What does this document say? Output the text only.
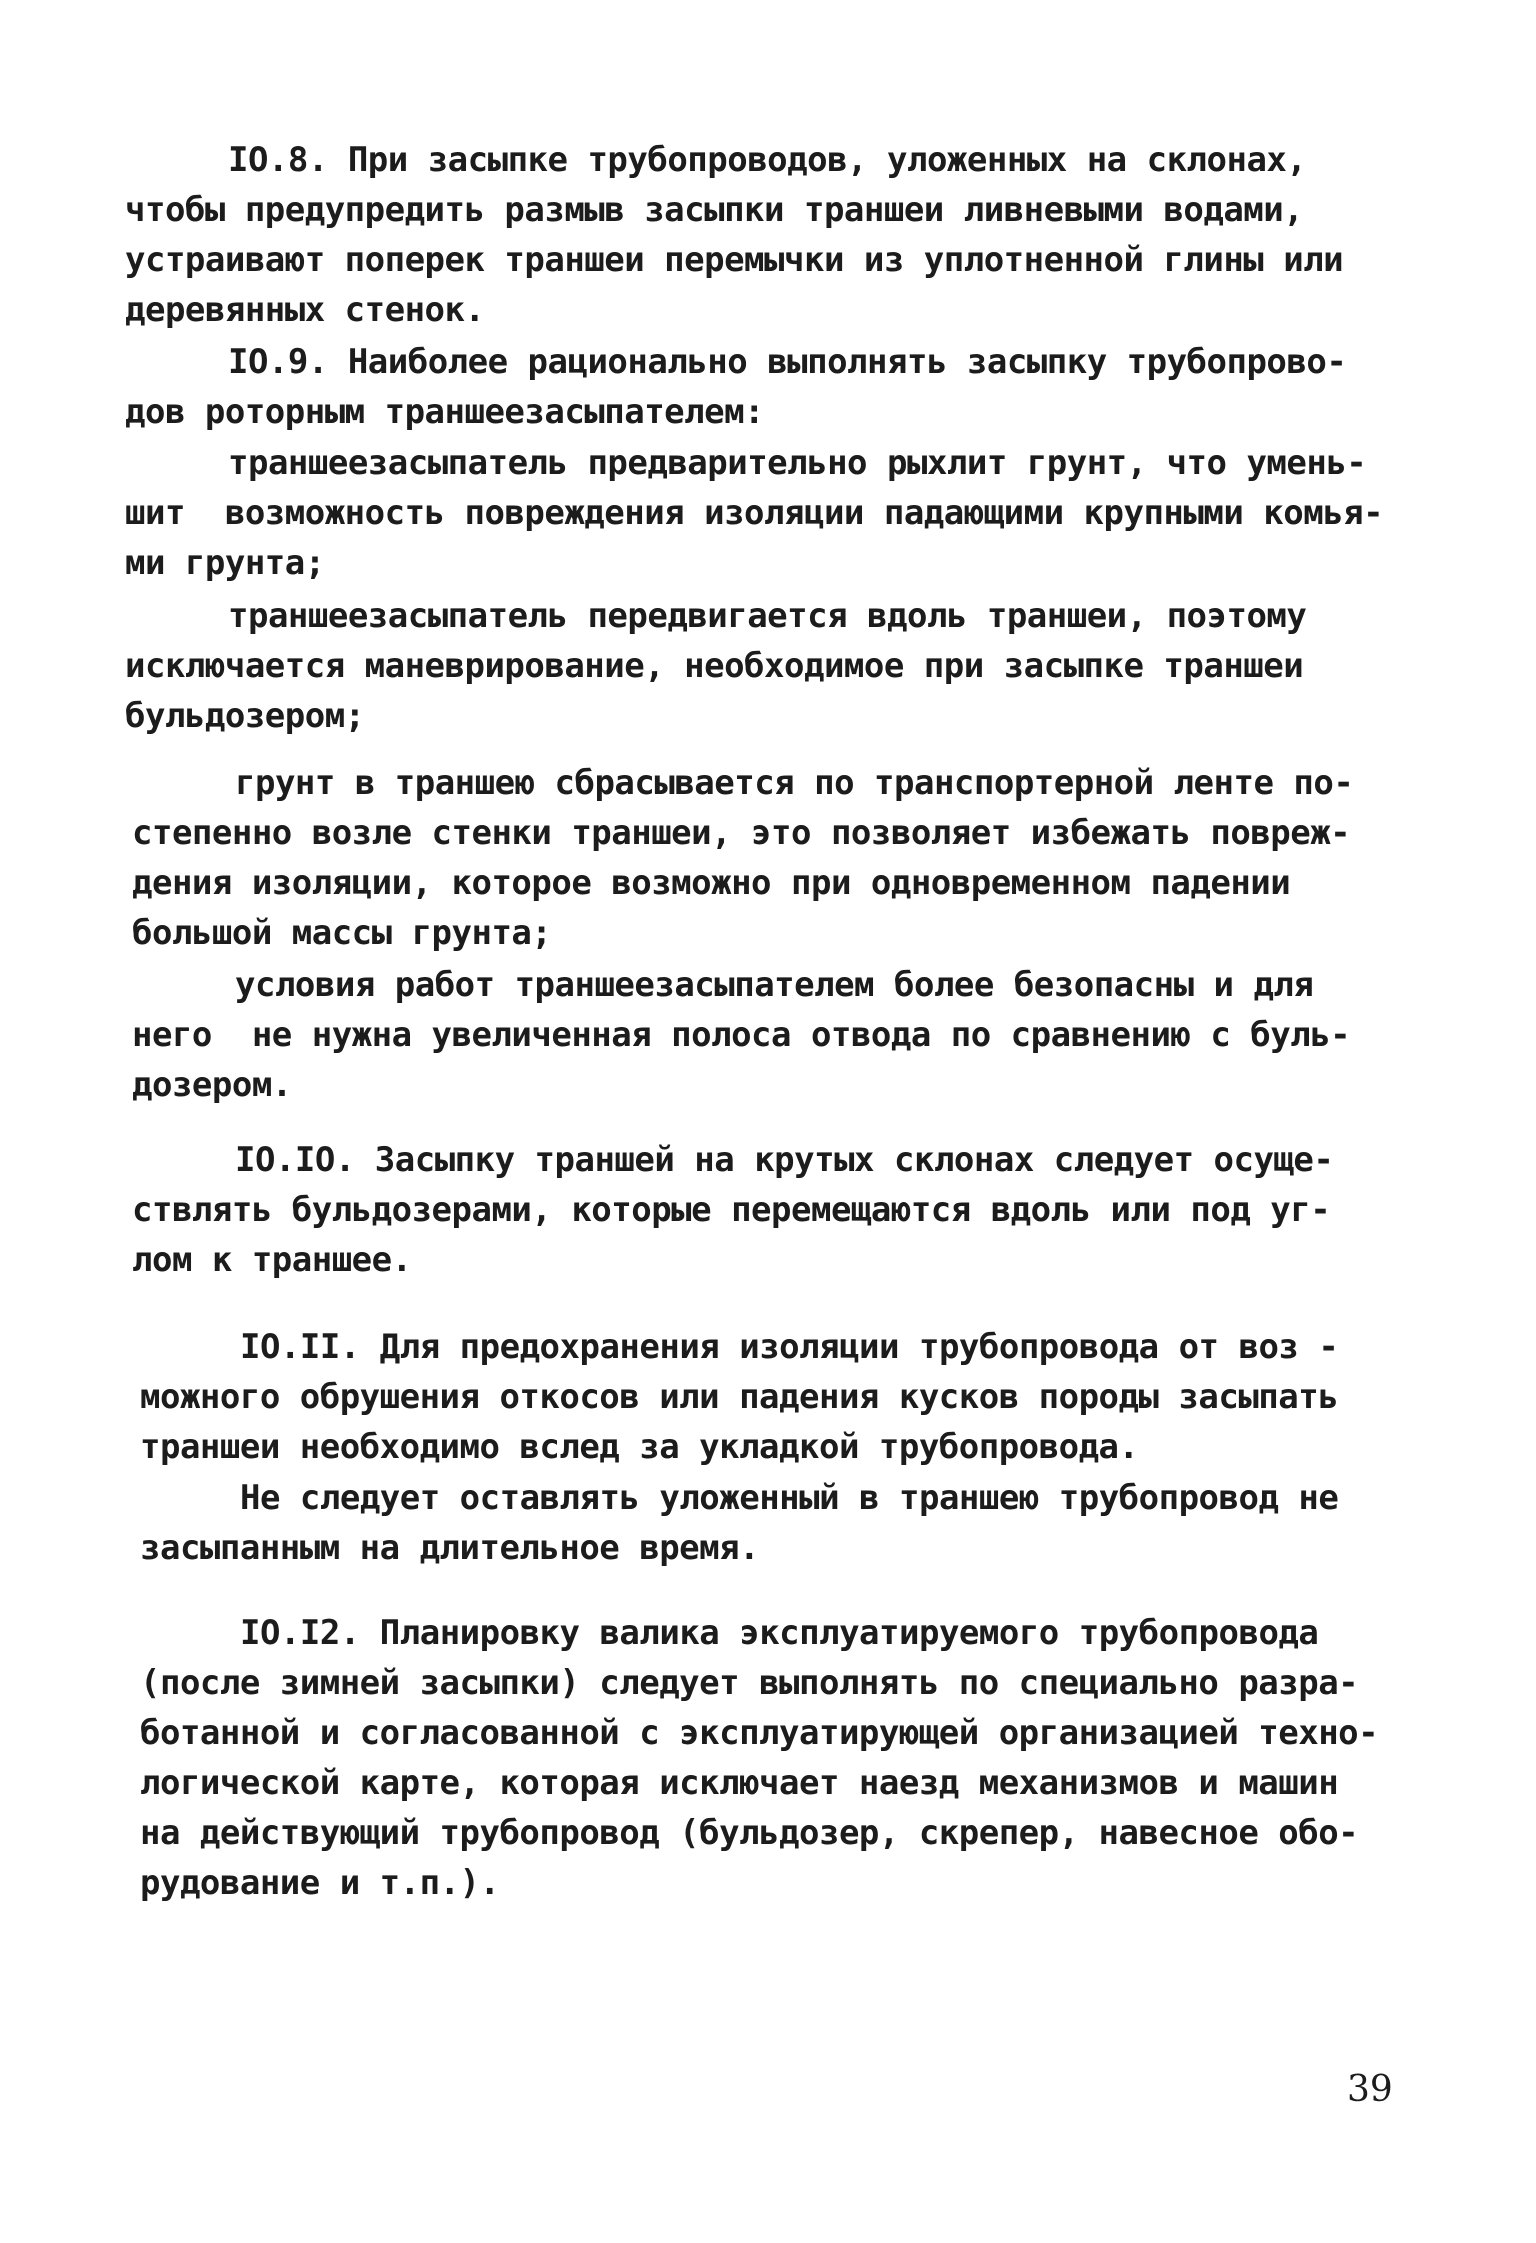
IO.8. При засыпке трубопроводов, уложенных на склонах,
чтобы предупредить размыв засыпки траншеи ливневыми водами,
устраивают поперек траншеи перемычки из уплотненной глины или
деревянных стенок.
IO.9. Наиболее рационально выполнять засыпку трубопрово-
дов роторным траншеезасыпателем:
траншеезасыпатель предварительно рыхлит грунт, что умень-
шит  возможность повреждения изоляции падающими крупными комья-
ми грунта;
траншеезасыпатель передвигается вдоль траншеи, поэтому
исключается маневрирование, необходимое при засыпке траншеи
бульдозером;
грунт в траншею сбрасывается по транспортерной ленте по-
степенно возле стенки траншеи, это позволяет избежать повреж-
дения изоляции, которое возможно при одновременном падении
большой массы грунта;
условия работ траншеезасыпателем более безопасны и для
него  не нужна увеличенная полоса отвода по сравнению с буль-
дозером.
IO.IO. Засыпку траншей на крутых склонах следует осуще-
ствлять бульдозерами, которые перемещаются вдоль или под уг-
лом к траншее.
IO.II. Для предохранения изоляции трубопровода от воз -
можного обрушения откосов или падения кусков породы засыпать
траншеи необходимо вслед за укладкой трубопровода.
Не следует оставлять уложенный в траншею трубопровод не
засыпанным на длительное время.
IO.I2. Планировку валика эксплуатируемого трубопровода
(после зимней засыпки) следует выполнять по специально разра-
ботанной и согласованной с эксплуатирующей организацией техно-
логической карте, которая исключает наезд механизмов и машин
на действующий трубопровод (бульдозер, скрепер, навесное обо-
рудование и т.п.).
39
